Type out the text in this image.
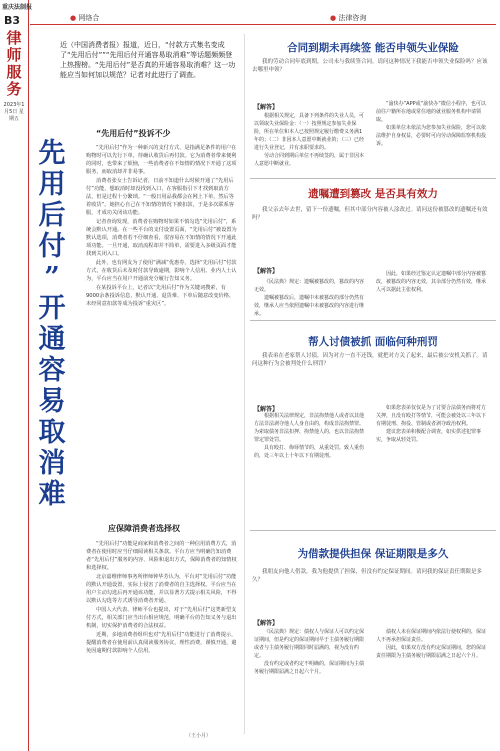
重庆法制报
B3
律师服务
2023年1月5日 星期五
● 网络合	● 法律咨询
近（中国消费者报）报道，近日，“付款方式集名变成了“先用后付””“先用后付开通容易取消难”等话题频频登上热搜榜。“先用后付”是否真的开通容易取消难？这一功能应当如何加以规范？记者对此进行了调查。
先
用
后
付
”
开
通
容
易
取
消
难
“先用后付”投诉不少

“先用后付”作为一种新兴的支付方式，是指满足条件的用户在购物时可以先行下单，待确认收货后再付款。它为消费者带来便利的同时，也带来了烦恼，一些消费者在不知情的情况下开通了这项服务，而取消却并非易事。

消费者张女士告诉记者，日前不知道什么时候开通了“先用后付”功能，想取消时却没找到入口，在客服指引下才找到取消方法，但是过程十分繁琐。“一般日用品我都会在网上下单，然后等着收货”。她担心自己在不知情的情况下被扣款，于是多次联系客服，才成功关闭该功能。

记者查询发现，消费者在购物时如果不慎勾选“先用后付”，系统会默认开通。在一些平台的支付设置页面，“先用后付”被设置为默认选项，消费者若不仔细查看，很容易在不知情的情况下开通此项功能。一旦开通，取消流程却并不简单，需要进入多级页面才能找到关闭入口。

此外，也有网友为了使用“满减”优惠券，选择“先用后付”付款方式，在收货后未及时付款导致逾期，影响个人信用。业内人士认为，平台应当在用户开通前充分履行告知义务。

在某投诉平台上，记者以“先用后付”作为关键词搜索，有9000余条投诉信息，默认开通、退货难、下单后随意改变价格、未经同意扣款等成为投诉“重灾区”。

应保障消费者选择权

“先用后付”功能是商家和消费者之间的一种信用消费方式，消费者在使用时应当仔细阅读相关条款。平台方应当明确告知消费者“先用后付”服务的内容、风险和退出方式，保障消费者的知情权和选择权。

北京嘉维律师事务所律师钟华芳认为，平台对“先用后付”功能的默认开通设置，实际上侵害了消费者的自主选择权。平台应当在用户主动勾选后再开通该功能，并以显著方式提示相关风险，不得以默认勾选等方式诱导消费者开通。

中国人大代表、律师平台也提出，对于“先用后付”这类新型支付方式，相关部门应当出台相应规范，明确平台的告知义务与退出机制，切实保护消费者的合法权益。

近期，多地消费者组织也对“先用后付”功能进行了消费提示，提醒消费者在使用前认真阅读服务协议，理性消费，谨慎开通，避免因逾期付款影响个人信用。

（王小月）
合同到期未再续签 能否申领失业保险
我的劳动合同年底到期，公司未与我续签合同。请问这种情况下我能否申领失业保险吗？应该去哪里申领？
【解答】

根据相关规定，具备下列条件的失业人员，可以领取失业保险金：（一）按照规定参加失业保险，所在单位和本人已按照规定履行缴费义务满1年的；（二）非因本人意愿中断就业的；（三）已经进行失业登记，并有求职要求的。

劳动合同到期后单位不再续签的，属于非因本人意愿中断就业。

“渝快办”APP或“渝快办”微信小程序，也可以前往户籍所在地或常住地的就业服务机构申请领取。

如果单位未依法为您参加失业保险，您可以依法维护自身权益，必要时可向劳动保障监察机构投诉。

遗嘱遭到篡改 是否具有效力
我父亲去年去世，留下一份遗嘱，但其中部分内容被人涂改过。请问这份被篡改的遗嘱还有效吗？
【解答】

《民法典》规定：遗嘱被篡改的，篡改的内容无效。

遗嘱被篡改后，遗嘱中未被篡改的部分仍然有效，继承人应当依照遗嘱中未被篡改的内容进行继承。

因此，如果经过鉴定认定遗嘱中部分内容被篡改，被篡改的内容无效，其余部分仍然有效，继承人可以据此主张权利。

帮人讨债被抓 面临何种刑罚
我表弟在老家帮人讨债，因为对方一直不还钱，就把对方关了起来，最后被公安机关抓了。请问这种行为会被判处什么刑罚？
【解答】

根据相关法律规定，非法拘禁他人或者以其他方法非法剥夺他人人身自由的，构成非法拘禁罪。为索取债务非法扣押、拘禁他人的，也以非法拘禁罪定罪处罚。

具有殴打、侮辱情节的，从重处罚。致人重伤的，处三年以上十年以下有期徒刑。

如果您表弟仅仅是为了讨要合法债务而将对方关押，且没有殴打等情节，可能会被处以三年以下有期徒刑、拘役、管制或者剥夺政治权利。

建议您表弟积极配合调查，如实供述犯罪事实，争取从轻处罚。

为借款提供担保 保证期限是多久
我朋友向他人借款，我为他提供了担保，但没有约定保证期间。请问我的保证责任期限是多久？
【解答】

《民法典》规定：债权人与保证人可以约定保证期间，但是约定的保证期间早于主债务履行期限或者与主债务履行期限同时届满的，视为没有约定。

没有约定或者约定不明确的，保证期间为主债务履行期限届满之日起六个月。

债权人未在保证期间内依法行使权利的，保证人不再承担保证责任。

因此，如果双方没有约定保证期间，您的保证责任期限为主债务履行期限届满之日起六个月。
